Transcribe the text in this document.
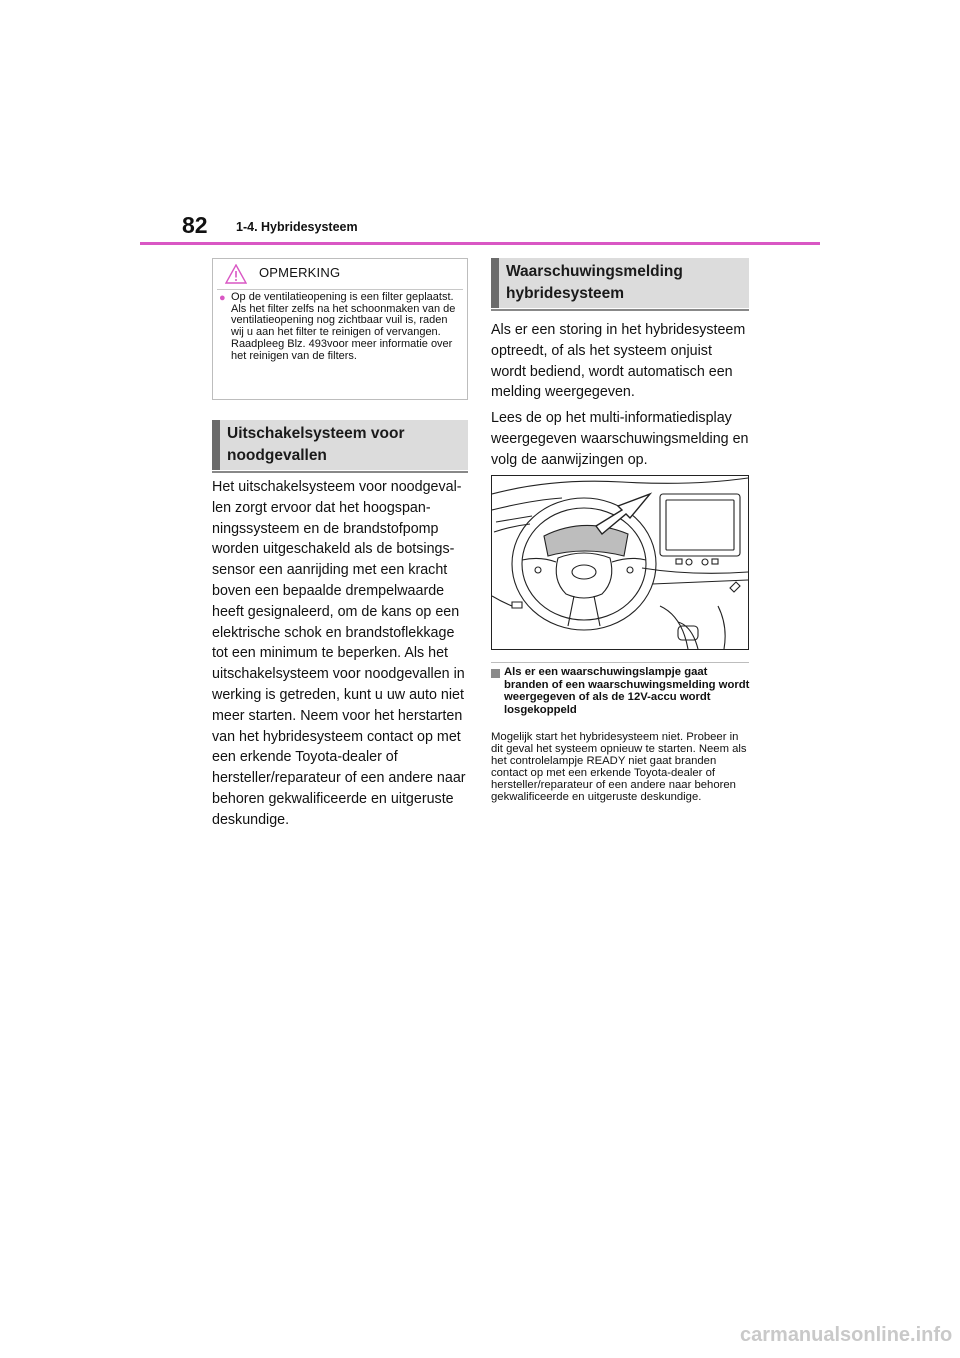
82 1-4. Hybridesysteem
OPMERKING
● Op de ventilatieopening is een filter geplaatst. Als het filter zelfs na het schoonmaken van de ventilatieopening nog zichtbaar vuil is, raden wij u aan het filter te reinigen of vervangen. Raadpleeg Blz. 493voor meer informatie over het reinigen van de filters.
Uitschakelsysteem voor
noodgevallen

Het uitschakelsysteem voor noodgevallen zorgt ervoor dat het hoogspanningssysteem en de brandstofpomp worden uitgeschakeld als de botsingssensor een aanrijding met een kracht boven een bepaalde drempelwaarde heeft gesignaleerd, om de kans op een elektrische schok en brandstoflekkage tot een minimum te beperken. Als het uitschakelsysteem voor noodgevallen in werking is getreden, kunt u uw auto niet meer starten. Neem voor het herstarten van het hybridesysteem contact op met een erkende Toyota-dealer of hersteller/reparateur of een andere naar behoren gekwalificeerde en uitgeruste deskundige.

Waarschuwingsmelding
hybridesysteem

Als er een storing in het hybridesysteem optreedt, of als het systeem onjuist wordt bediend, wordt automatisch een melding weergegeven.

Lees de op het multi-informatiedisplay weergegeven waarschuwingsmelding en volg de aanwijzingen op.

Als er een waarschuwingslampje gaat branden of een waarschuwingsmelding wordt weergegeven of als de 12V-accu wordt losgekoppeld
Mogelijk start het hybridesysteem niet. Probeer in dit geval het systeem opnieuw te starten. Neem als het controlelampje READY niet gaat branden contact op met een erkende Toyota-dealer of hersteller/reparateur of een andere naar behoren gekwalificeerde en uitgeruste deskundige.
carmanualsonline.info
